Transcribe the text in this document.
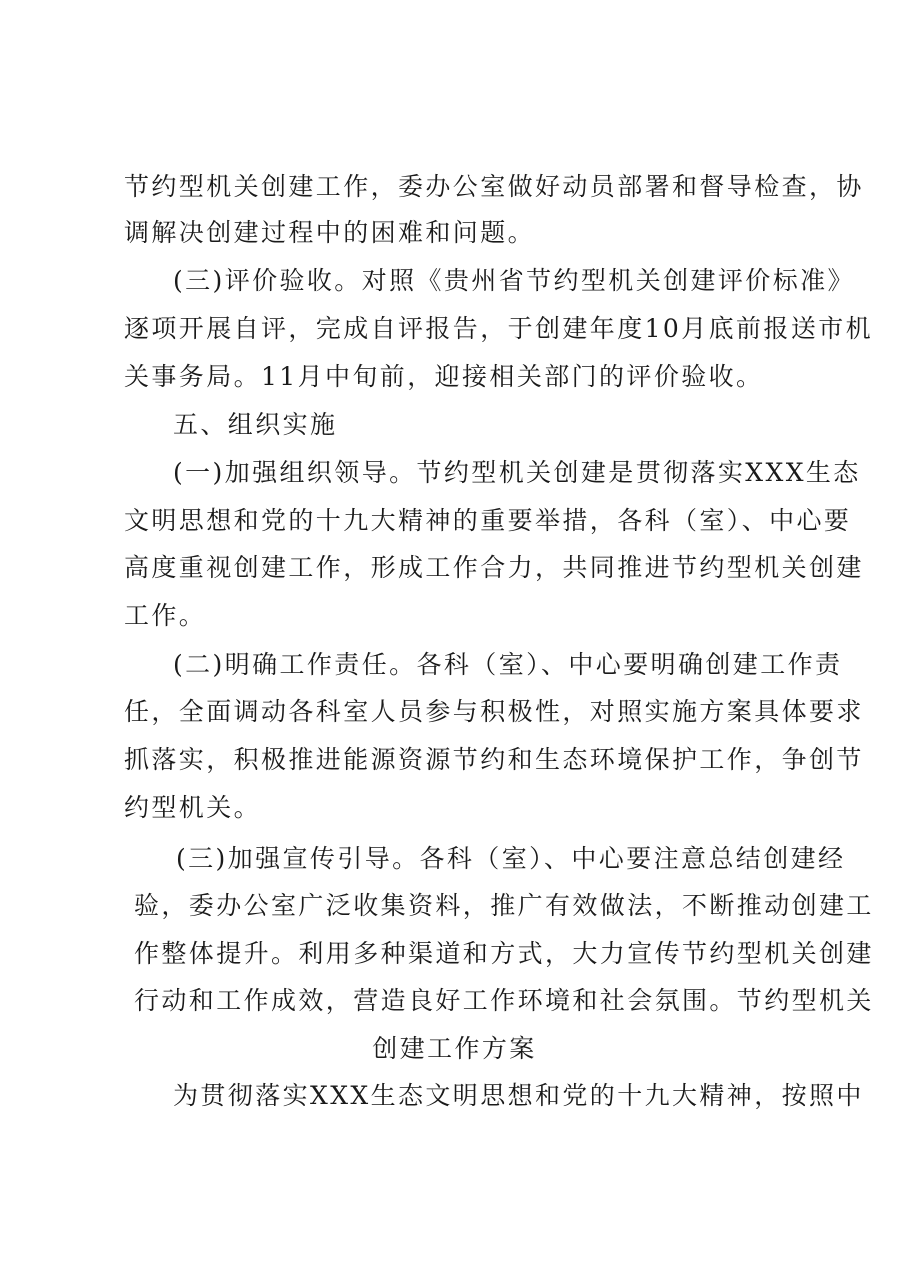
节约型机关创建工作，委办公室做好动员部署和督导检查，协
调解决创建过程中的困难和问题。
(三)评价验收。对照《贵州省节约型机关创建评价标准》
逐项开展自评，完成自评报告，于创建年度10月底前报送市机
关事务局。11月中旬前，迎接相关部门的评价验收。
五、组织实施
(一)加强组织领导。节约型机关创建是贯彻落实XXX生态
文明思想和党的十九大精神的重要举措，各科（室）、中心要
高度重视创建工作，形成工作合力，共同推进节约型机关创建
工作。
(二)明确工作责任。各科（室）、中心要明确创建工作责
任，全面调动各科室人员参与积极性，对照实施方案具体要求
抓落实，积极推进能源资源节约和生态环境保护工作，争创节
约型机关。
(三)加强宣传引导。各科（室）、中心要注意总结创建经
验，委办公室广泛收集资料，推广有效做法，不断推动创建工
作整体提升。利用多种渠道和方式，大力宣传节约型机关创建
行动和工作成效，营造良好工作环境和社会氛围。节约型机关
创建工作方案
为贯彻落实XXX生态文明思想和党的十九大精神，按照中
